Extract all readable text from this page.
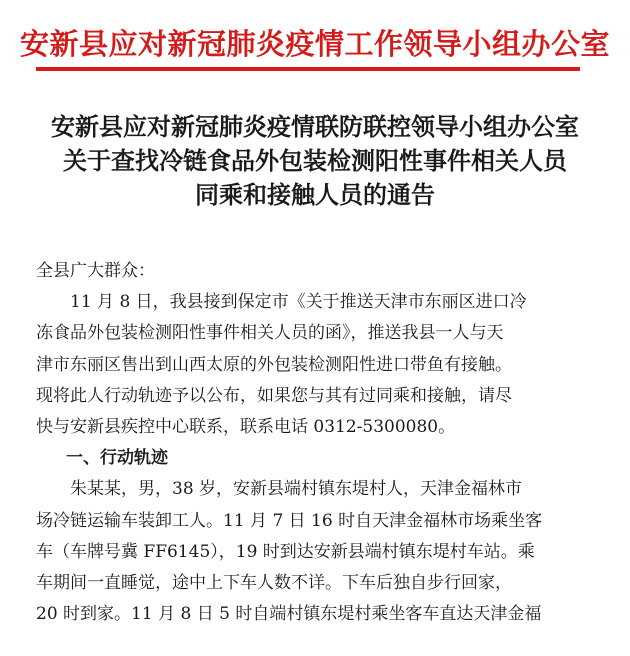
安新县应对新冠肺炎疫情工作领导小组办公室
安新县应对新冠肺炎疫情联防联控领导小组办公室
关于查找冷链食品外包装检测阳性事件相关人员
同乘和接触人员的通告

全县广大群众：

11 月 8 日，我县接到保定市《关于推送天津市东丽区进口冷

冻食品外包装检测阳性事件相关人员的函》，推送我县一人与天

津市东丽区售出到山西太原的外包装检测阳性进口带鱼有接触。

现将此人行动轨迹予以公布，如果您与其有过同乘和接触，请尽

快与安新县疾控中心联系，联系电话 0312-5300080。

一、行动轨迹

朱某某，男，38 岁，安新县端村镇东堤村人，天津金福林市

场冷链运输车装卸工人。11 月 7 日 16 时自天津金福林市场乘坐客

车（车牌号冀 FF6145），19 时到达安新县端村镇东堤村车站。乘

车期间一直睡觉，途中上下车人数不详。下车后独自步行回家，

20 时到家。11 月 8 日 5 时自端村镇东堤村乘坐客车直达天津金福
